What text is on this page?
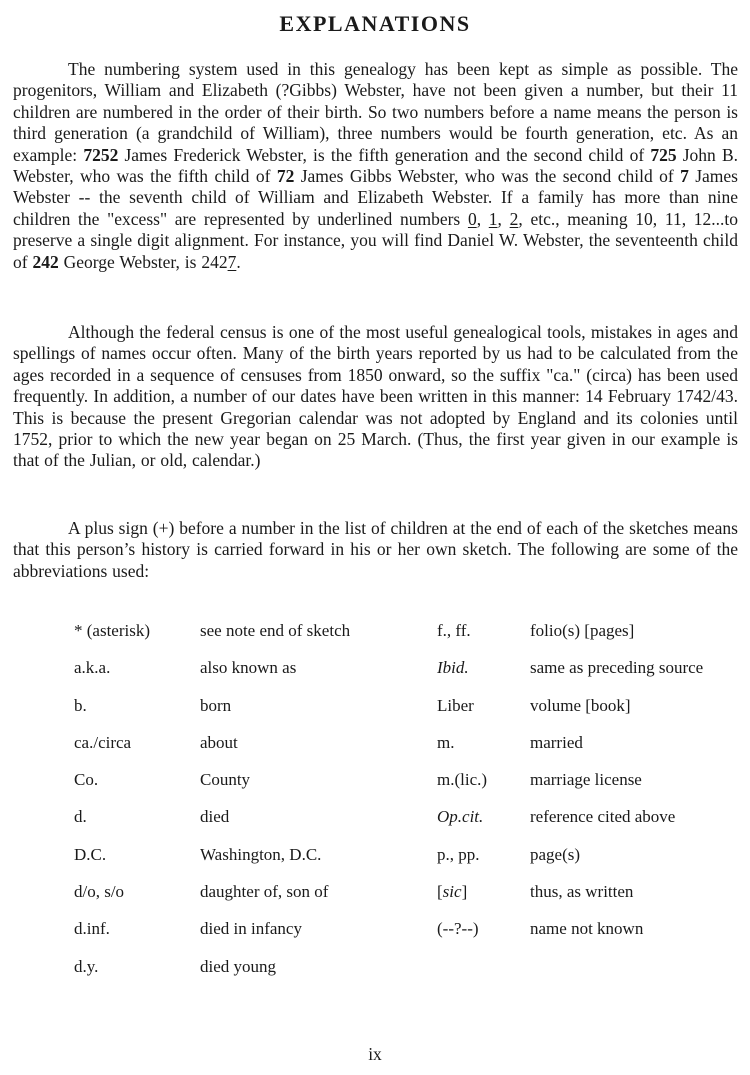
EXPLANATIONS

The numbering system used in this genealogy has been kept as simple as possible. The progenitors, William and Elizabeth (?Gibbs) Webster, have not been given a number, but their 11 children are numbered in the order of their birth. So two numbers before a name means the person is third generation (a grandchild of William), three numbers would be fourth generation, etc. As an example: 7252 James Frederick Webster, is the fifth generation and the second child of 725 John B. Webster, who was the fifth child of 72 James Gibbs Webster, who was the second child of 7 James Webster -- the seventh child of William and Elizabeth Webster. If a family has more than nine children the "excess" are represented by underlined numbers 0, 1, 2, etc., meaning 10, 11, 12...to preserve a single digit alignment. For instance, you will find Daniel W. Webster, the seventeenth child of 242 George Webster, is 2427.

Although the federal census is one of the most useful genealogical tools, mistakes in ages and spellings of names occur often. Many of the birth years reported by us had to be calculated from the ages recorded in a sequence of censuses from 1850 onward, so the suffix "ca." (circa) has been used frequently. In addition, a number of our dates have been written in this manner: 14 February 1742/43. This is because the present Gregorian calendar was not adopted by England and its colonies until 1752, prior to which the new year began on 25 March. (Thus, the first year given in our example is that of the Julian, or old, calendar.)

A plus sign (+) before a number in the list of children at the end of each of the sketches means that this person’s history is carried forward in his or her own sketch. The following are some of the abbreviations used:

* (asterisk)	see note end of sketch	f., ff.	folio(s) [pages]
a.k.a.	also known as	Ibid.	same as preceding source
b.	born	Liber	volume [book]
ca./circa	about	m.	married
Co.	County	m.(lic.)	marriage license
d.	died	Op.cit.	reference cited above
D.C.	Washington, D.C.	p., pp.	page(s)
d/o, s/o	daughter of, son of	[sic]	thus, as written
d.inf.	died in infancy	(--?--)	name not known
d.y.	died young
ix
